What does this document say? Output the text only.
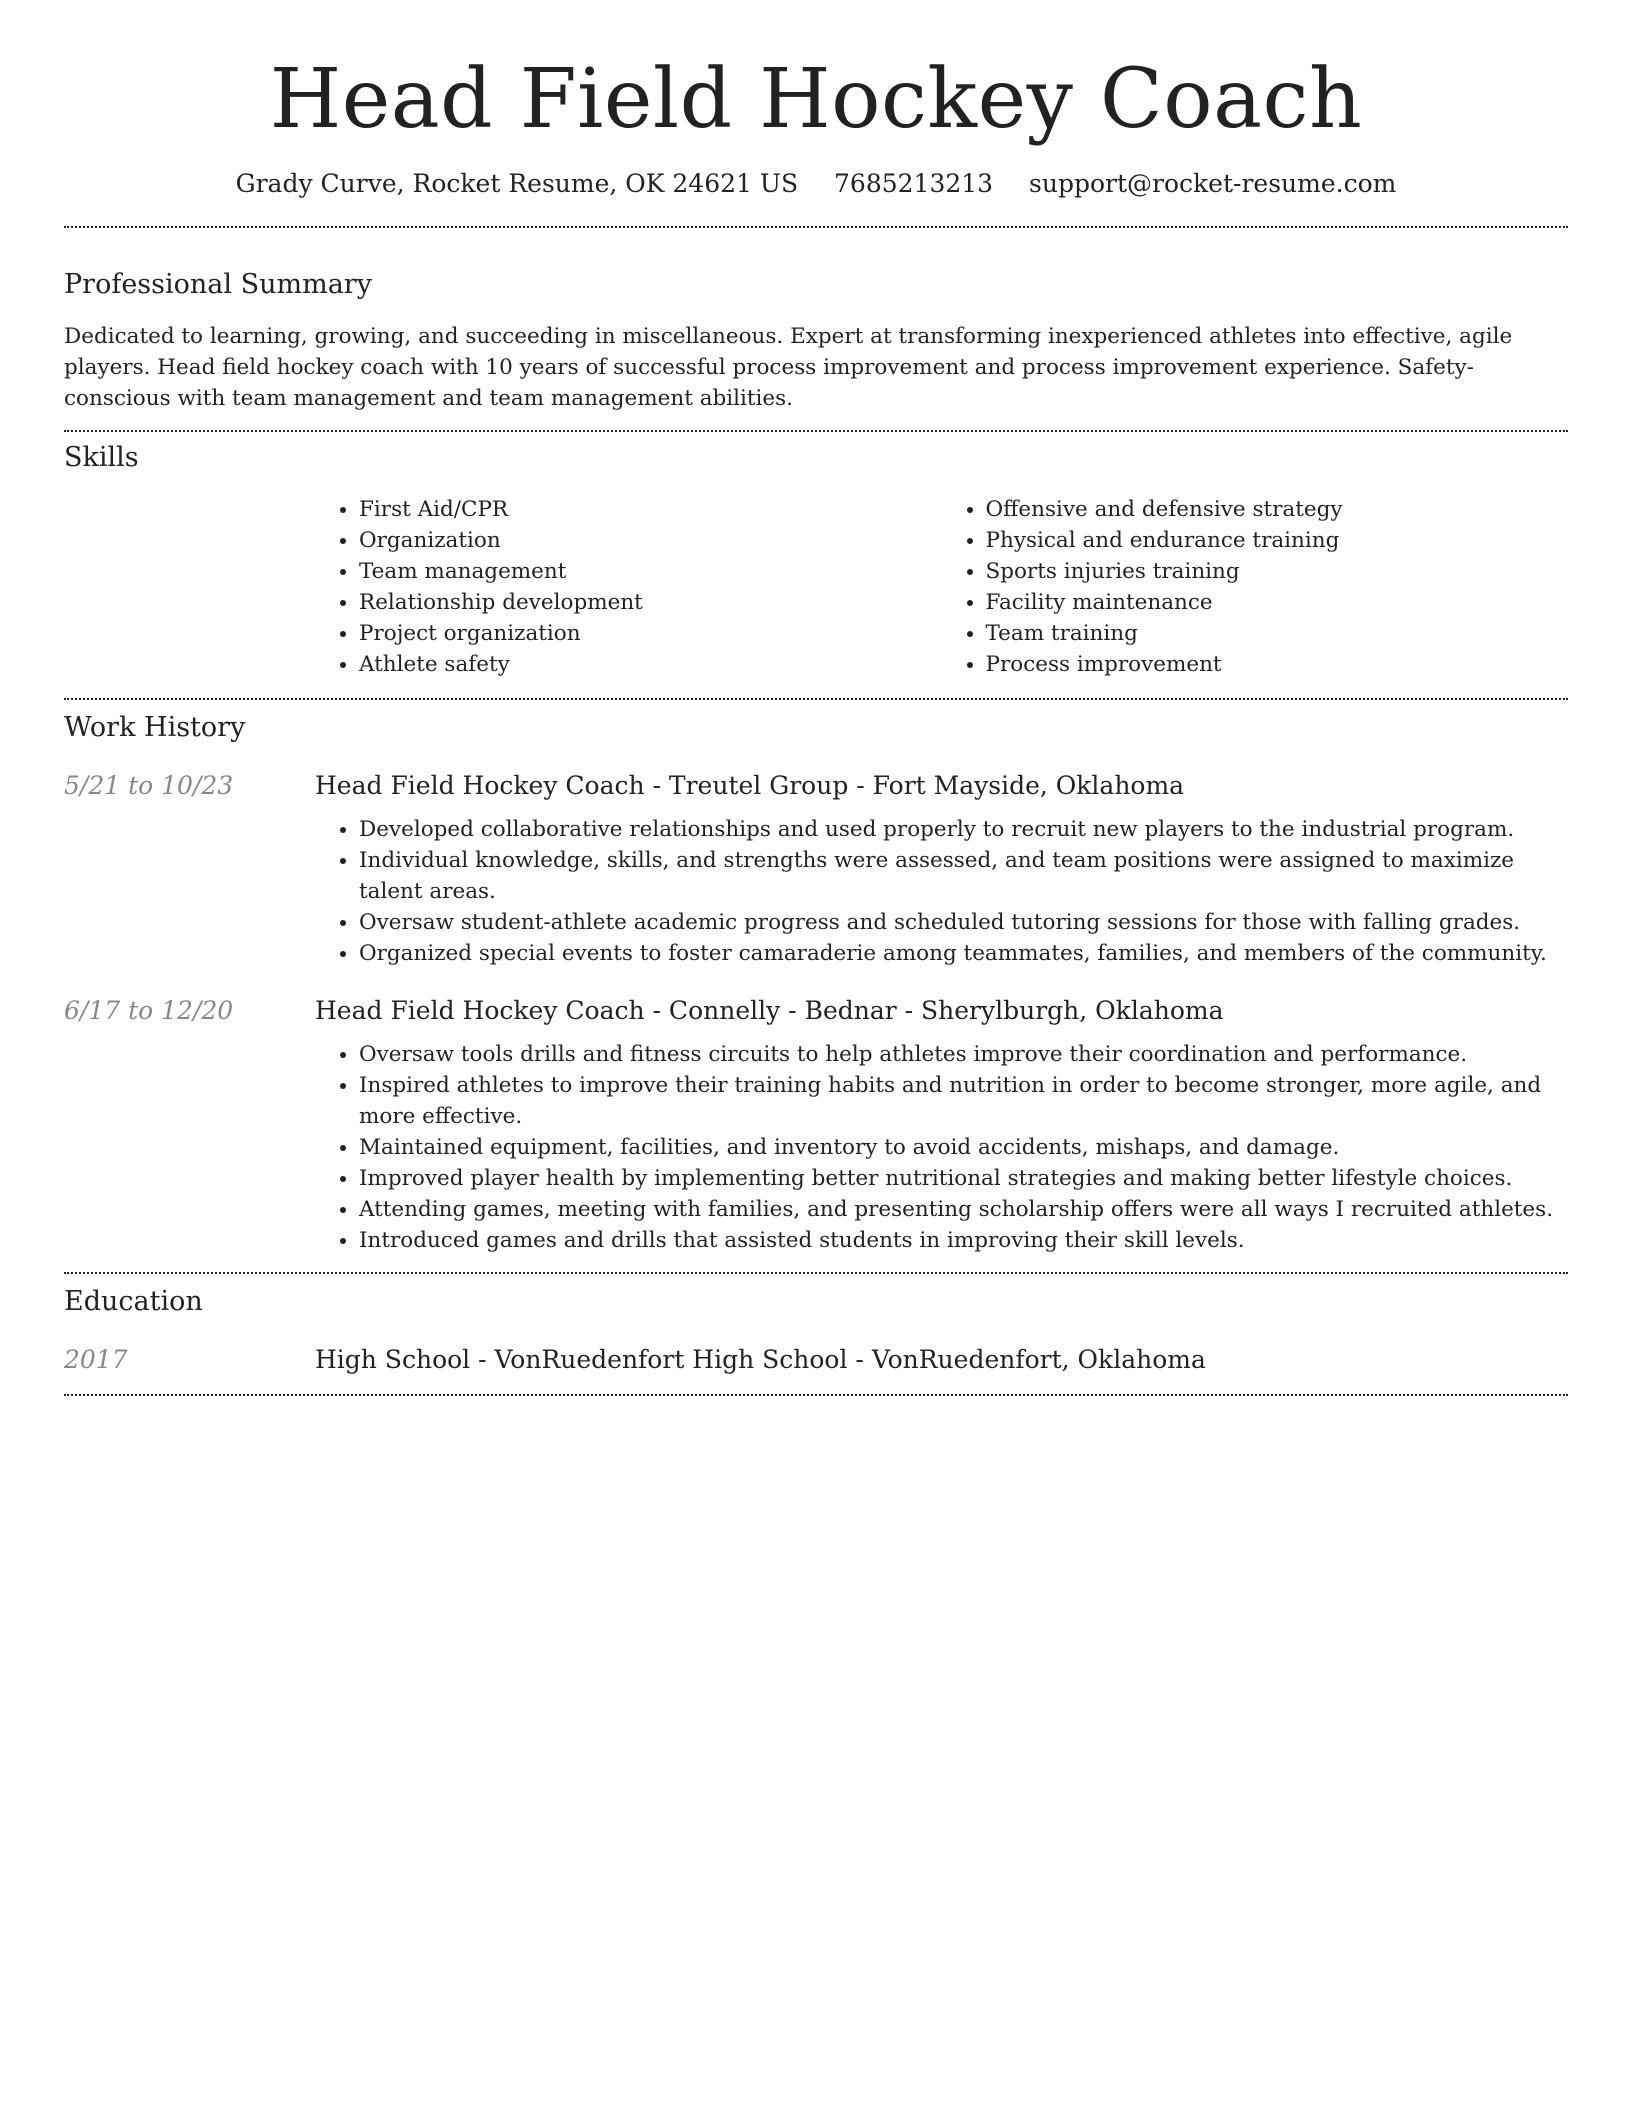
Head Field Hockey Coach
Grady Curve, Rocket Resume, OK 24621 US 7685213213 support@rocket-resume.com
Professional Summary

Dedicated to learning, growing, and succeeding in miscellaneous. Expert at transforming inexperienced athletes into effective, agile players. Head field hockey coach with 10 years of successful process improvement and process improvement experience. Safety-conscious with team management and team management abilities.

Skills
• First Aid/CPR
• Organization
• Team management
• Relationship development
• Project organization
• Athlete safety
• Offensive and defensive strategy
• Physical and endurance training
• Sports injuries training
• Facility maintenance
• Team training
• Process improvement
Work History
5/21 to 10/23	Head Field Hockey Coach - Treutel Group - Fort Mayside, Oklahoma
• Developed collaborative relationships and used properly to recruit new players to the industrial program.
• Individual knowledge, skills, and strengths were assessed, and team positions were assigned to maximize talent areas.
• Oversaw student-athlete academic progress and scheduled tutoring sessions for those with falling grades.
• Organized special events to foster camaraderie among teammates, families, and members of the community.
6/17 to 12/20	Head Field Hockey Coach - Connelly - Bednar - Sherylburgh, Oklahoma
• Oversaw tools drills and fitness circuits to help athletes improve their coordination and performance.
• Inspired athletes to improve their training habits and nutrition in order to become stronger, more agile, and more effective.
• Maintained equipment, facilities, and inventory to avoid accidents, mishaps, and damage.
• Improved player health by implementing better nutritional strategies and making better lifestyle choices.
• Attending games, meeting with families, and presenting scholarship offers were all ways I recruited athletes.
• Introduced games and drills that assisted students in improving their skill levels.
Education
2017	High School - VonRuedenfort High School - VonRuedenfort, Oklahoma
